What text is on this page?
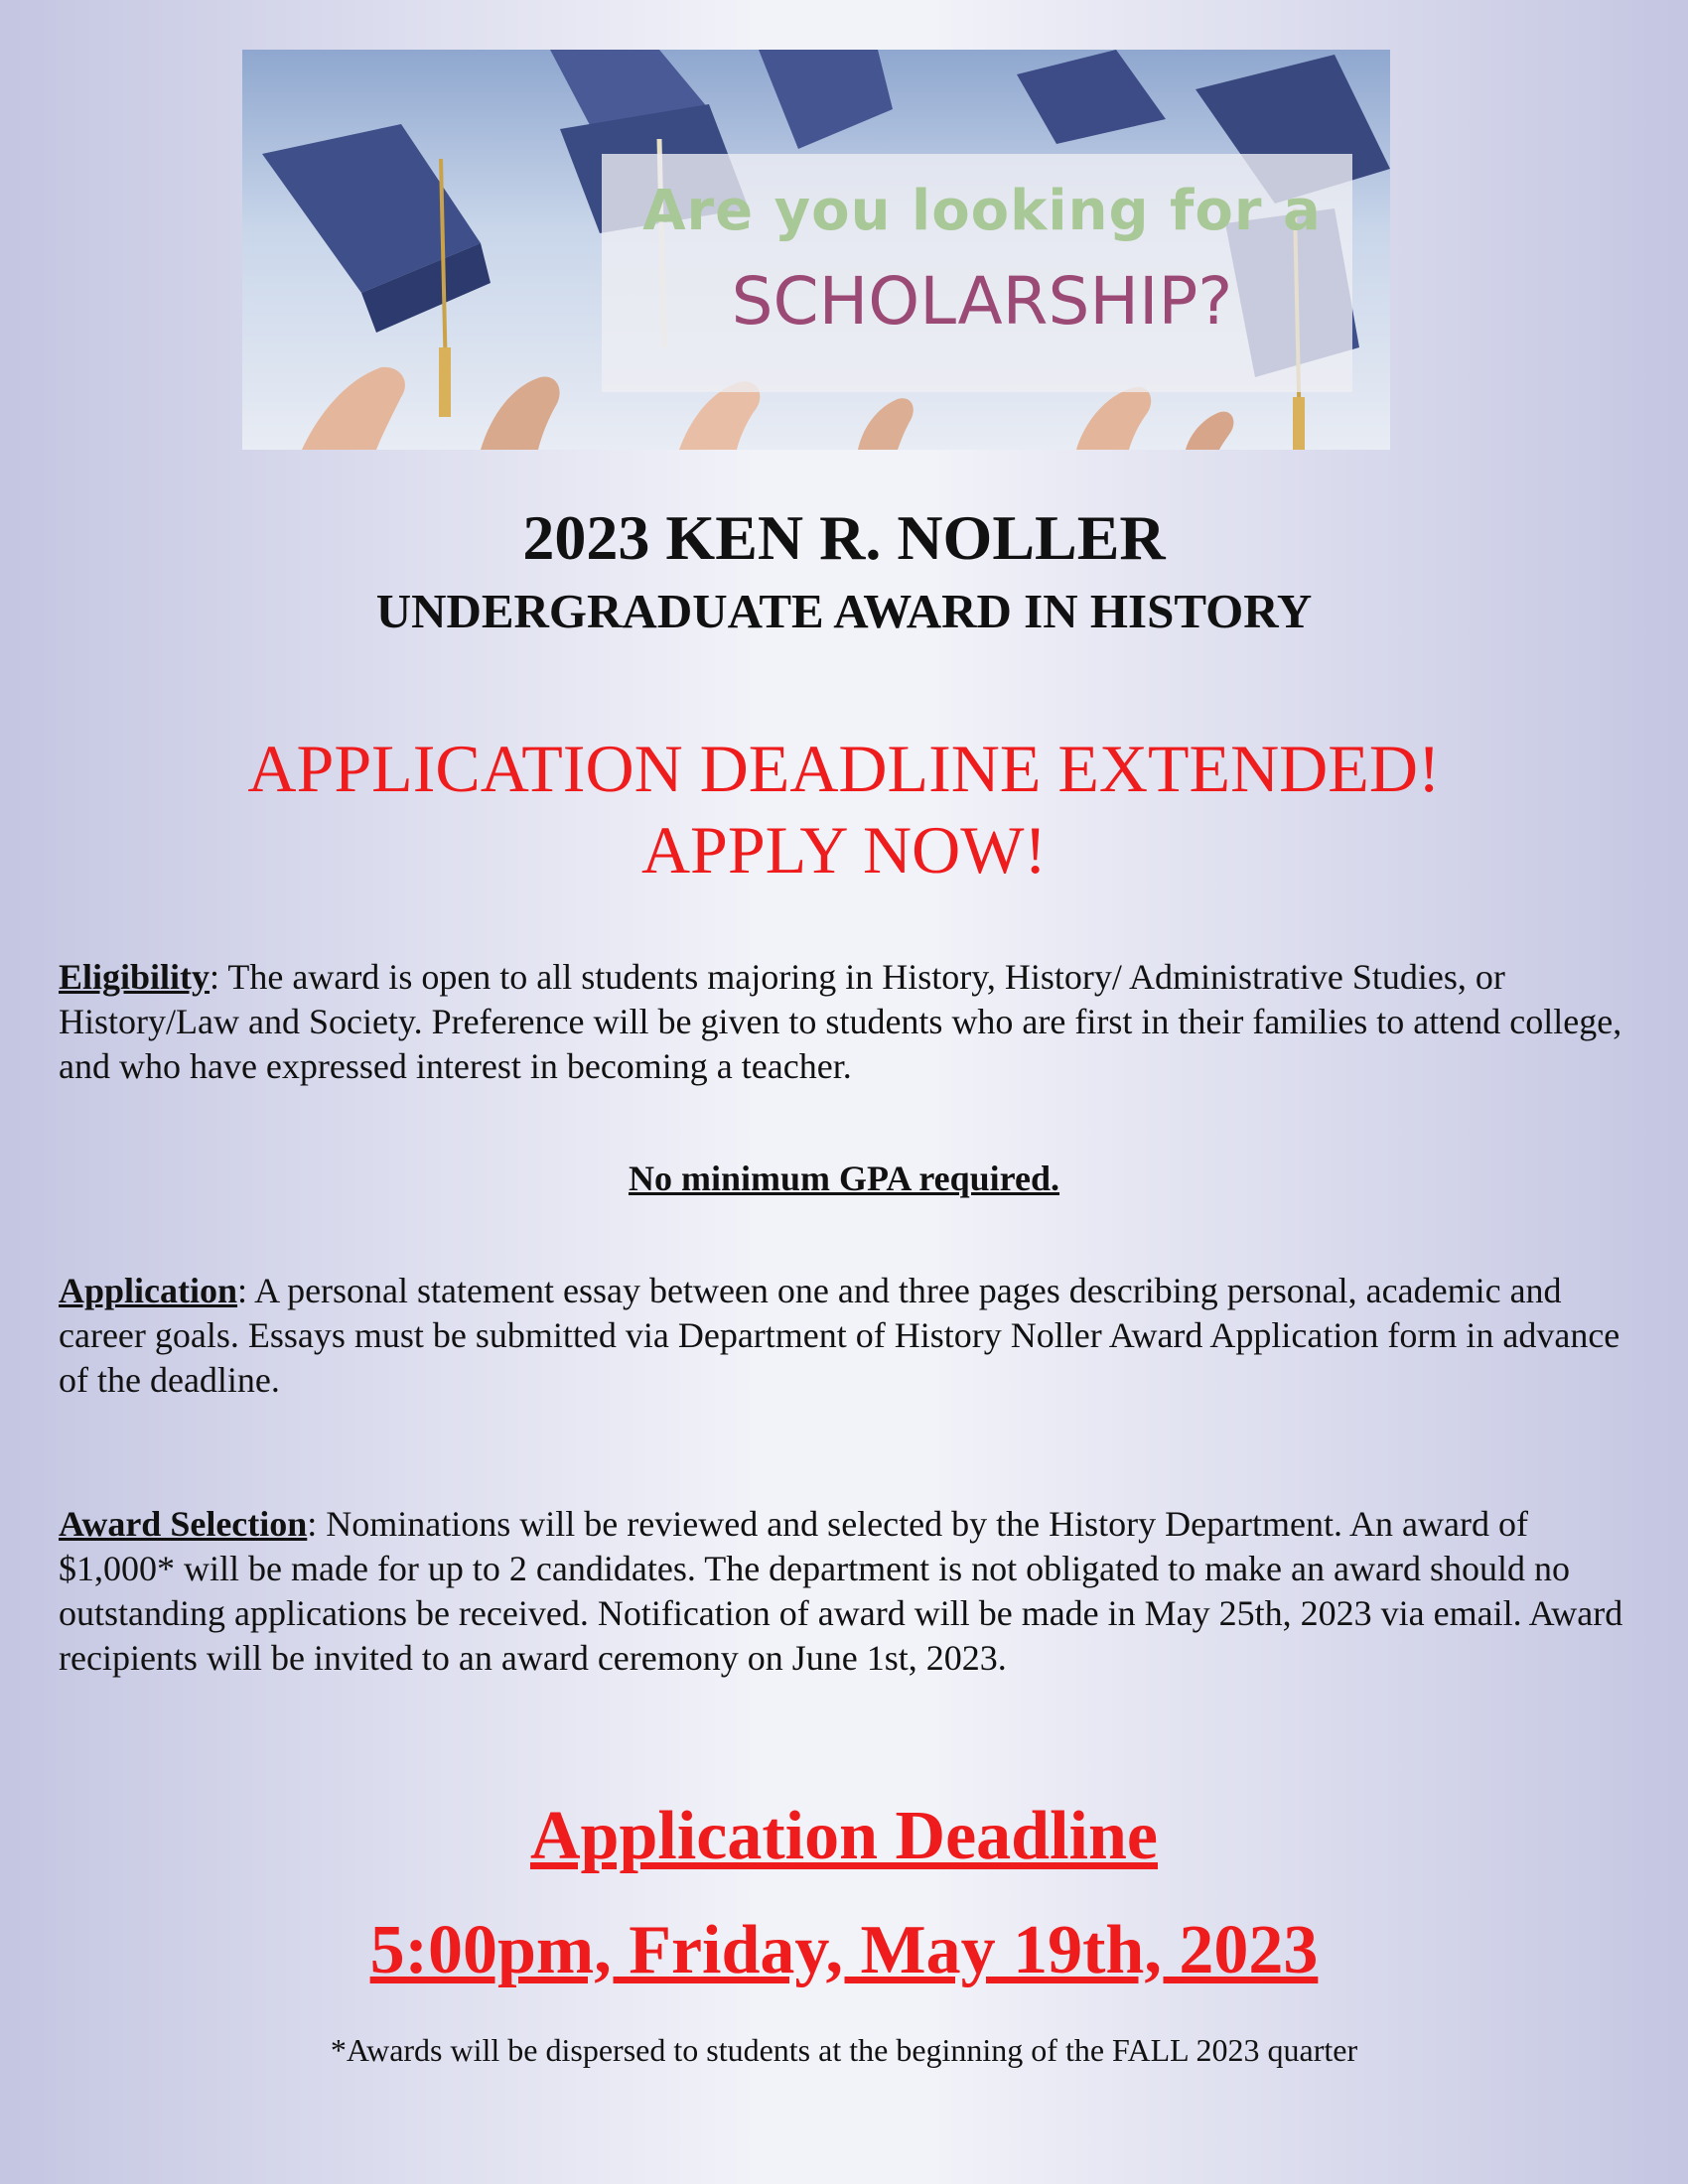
Are you looking for a
SCHOLARSHIP?
2023 KEN R. NOLLER
UNDERGRADUATE AWARD IN HISTORY
APPLICATION DEADLINE EXTENDED!
APPLY NOW!
Eligibility: The award is open to all students majoring in History, History/ Administrative Studies, or History/Law and Society. Preference will be given to students who are first in their families to attend college, and who have expressed interest in becoming a teacher.
No minimum GPA required.
Application: A personal statement essay between one and three pages describing personal, academic and career goals. Essays must be submitted via Department of History Noller Award Application form in advance of the deadline.
Award Selection: Nominations will be reviewed and selected by the History Department. An award of $1,000* will be made for up to 2 candidates. The department is not obligated to make an award should no outstanding applications be received. Notification of award will be made in May 25th, 2023 via email. Award recipients will be invited to an award ceremony on June 1st, 2023.
Application Deadline
5:00pm, Friday, May 19th, 2023
*Awards will be dispersed to students at the beginning of the FALL 2023 quarter
